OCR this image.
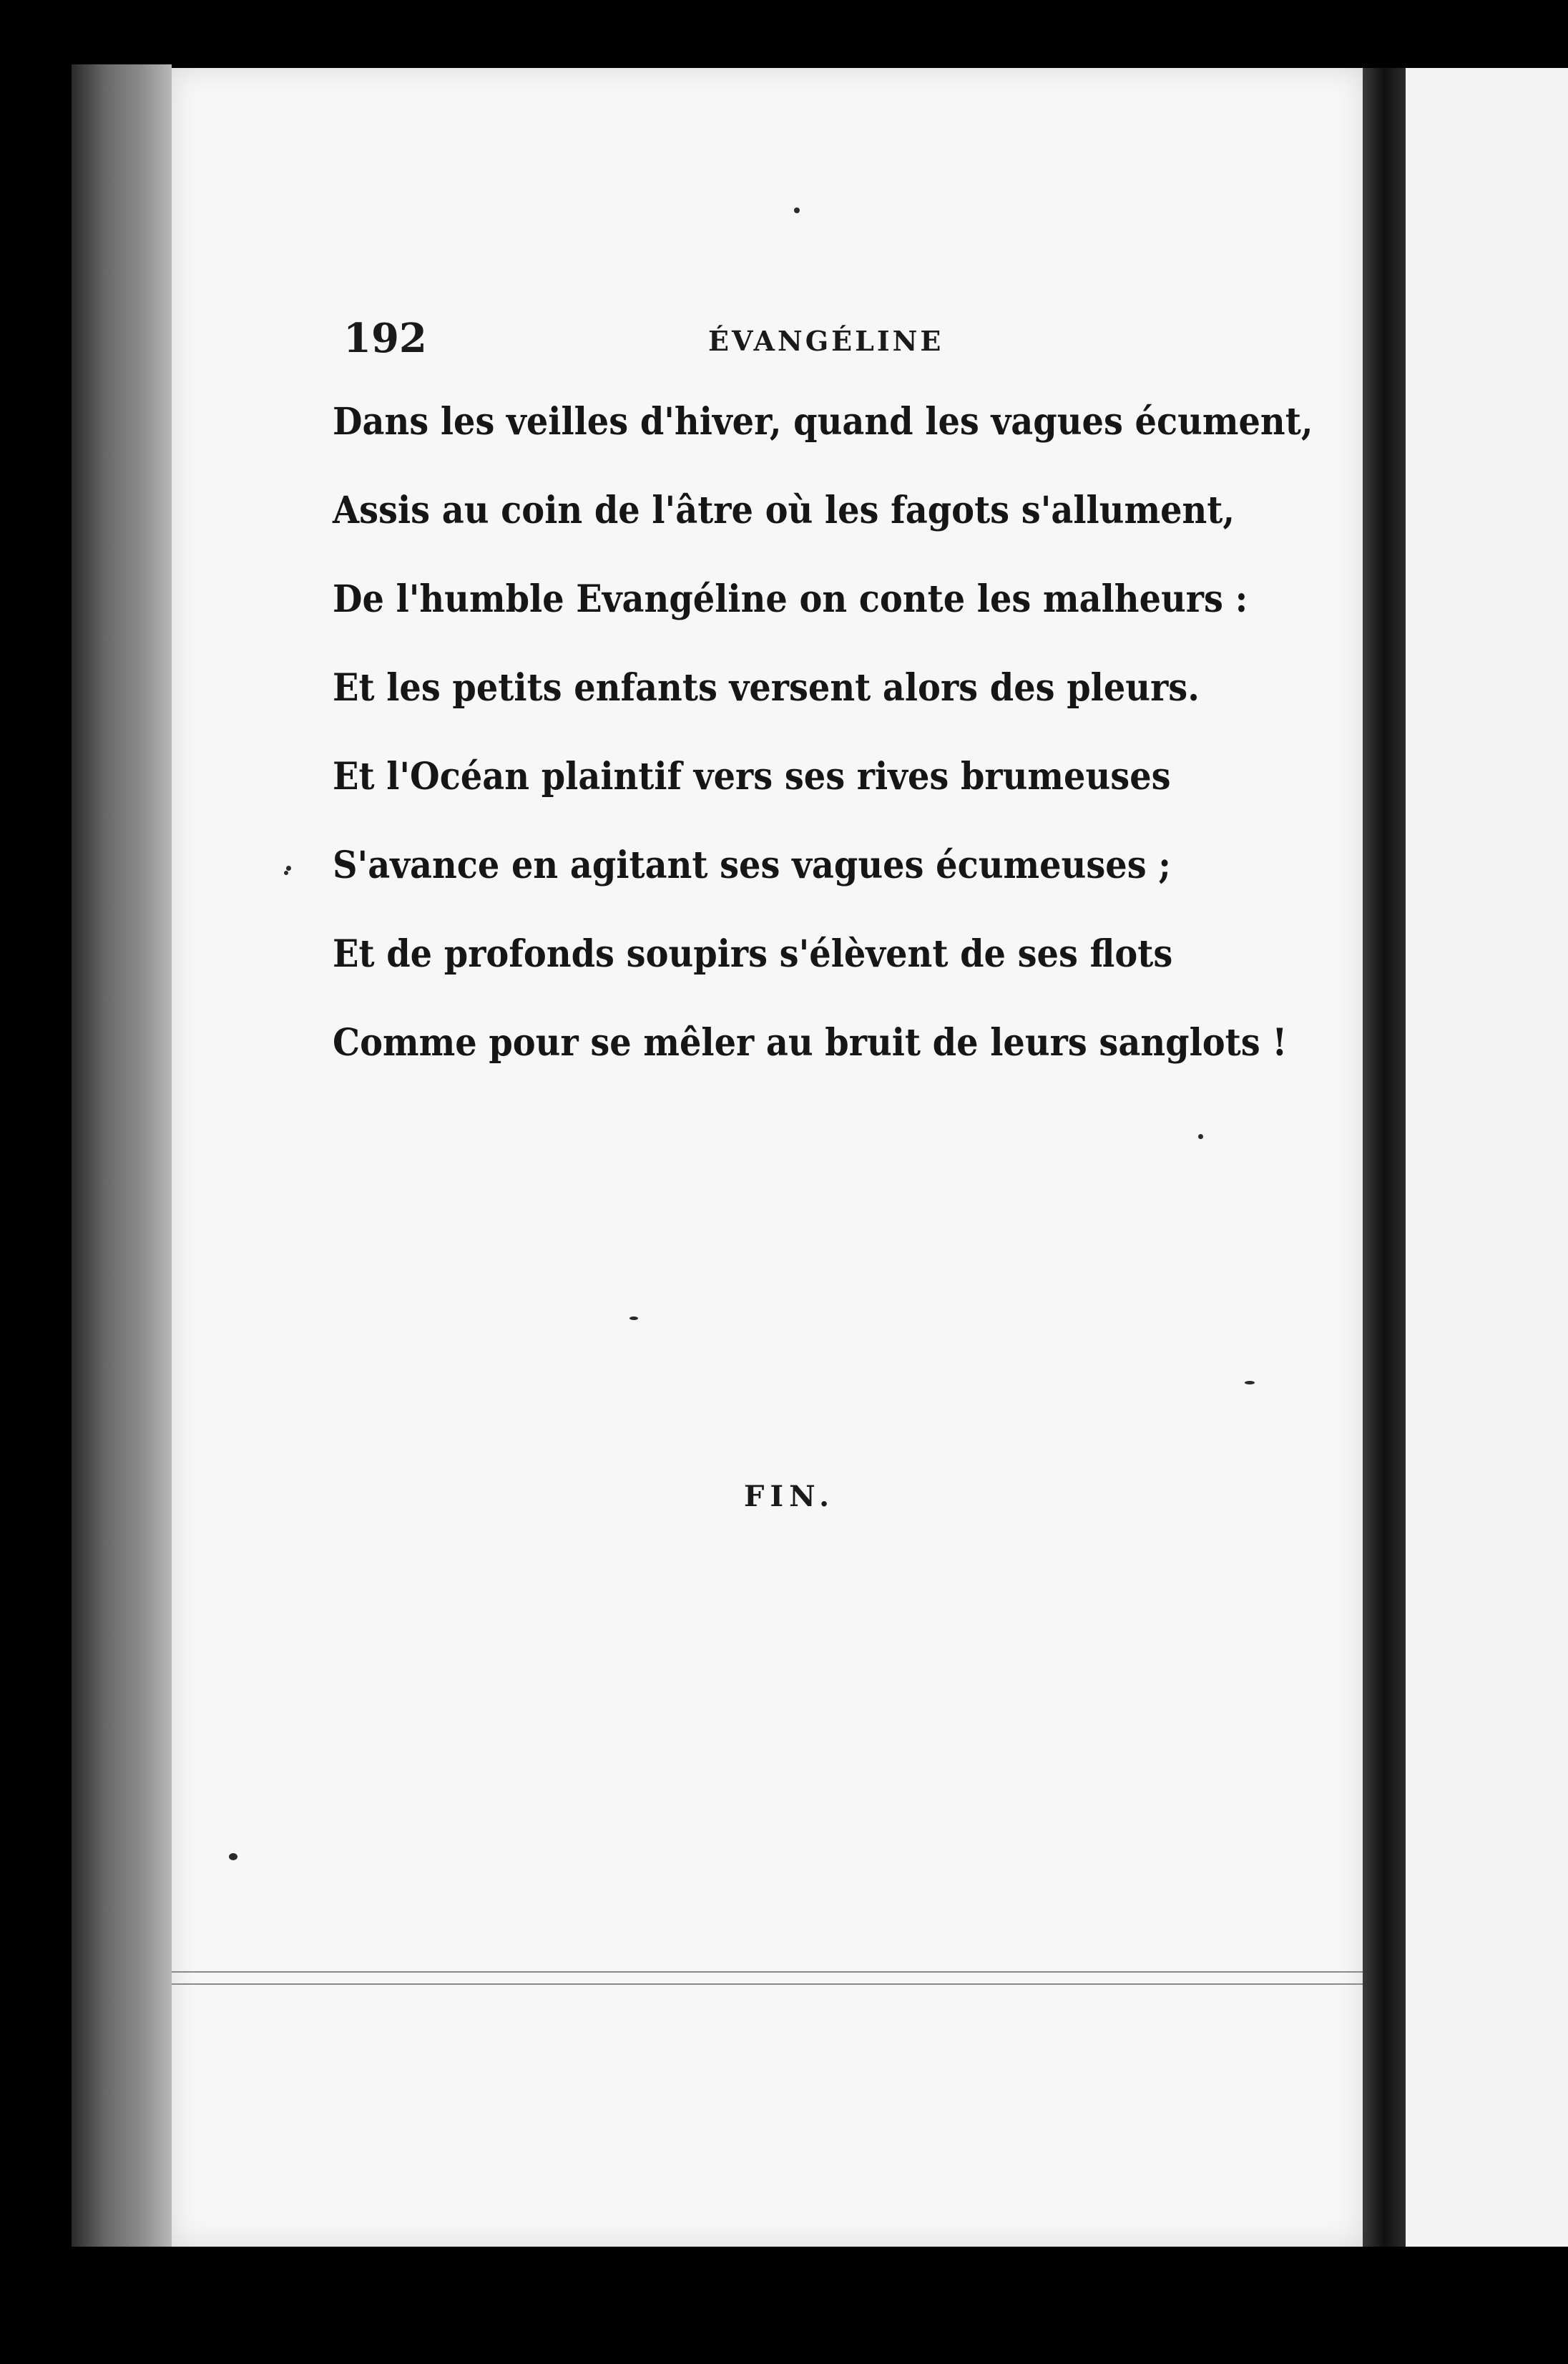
192	ÉVANGÉLINE
Dans les veilles d'hiver, quand les vagues écument,
Assis au coin de l'âtre où les fagots s'allument,
De l'humble Evangéline on conte les malheurs :
Et les petits enfants versent alors des pleurs.
Et l'Océan plaintif vers ses rives brumeuses
S'avance en agitant ses vagues écumeuses ;
Et de profonds soupirs s'élèvent de ses flots
Comme pour se mêler au bruit de leurs sanglots !
FIN.
